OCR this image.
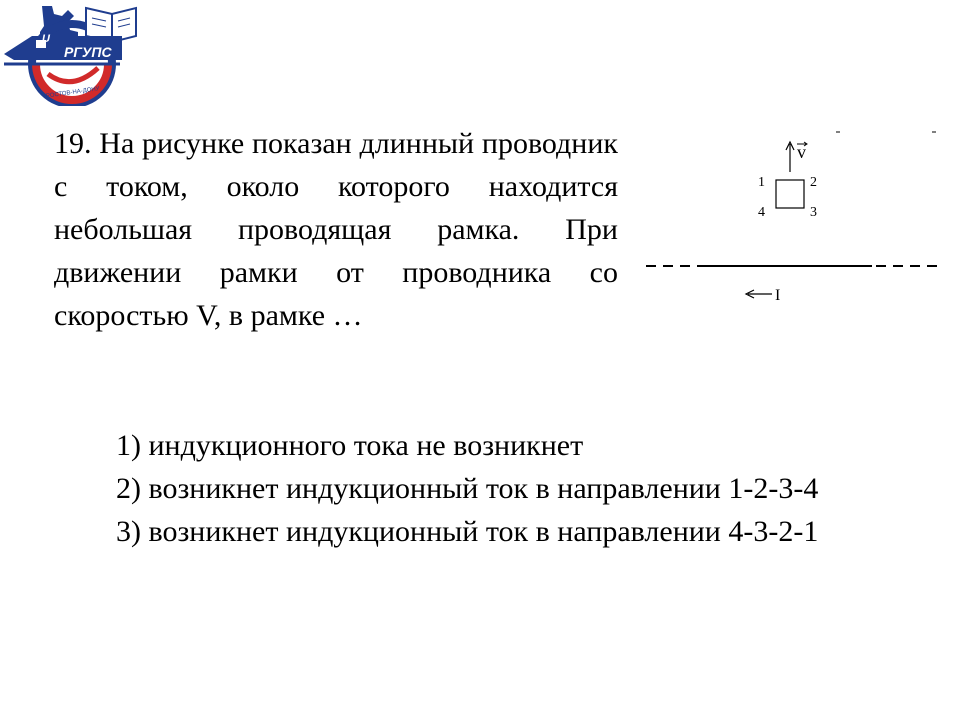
U
РГУПС
РОСТОВ-НА-ДОНУ

19. На рисунке показан длинный проводник с током, около которого находится небольшая проводящая рамка. При движении рамки от проводника со скоростью V, в рамке …

v
1	2
3
4
I

1) индукционного тока не возникнет

2) возникнет индукционный ток в направлении 1-2-3-4

3) возникнет индукционный ток в направлении 4-3-2-1
